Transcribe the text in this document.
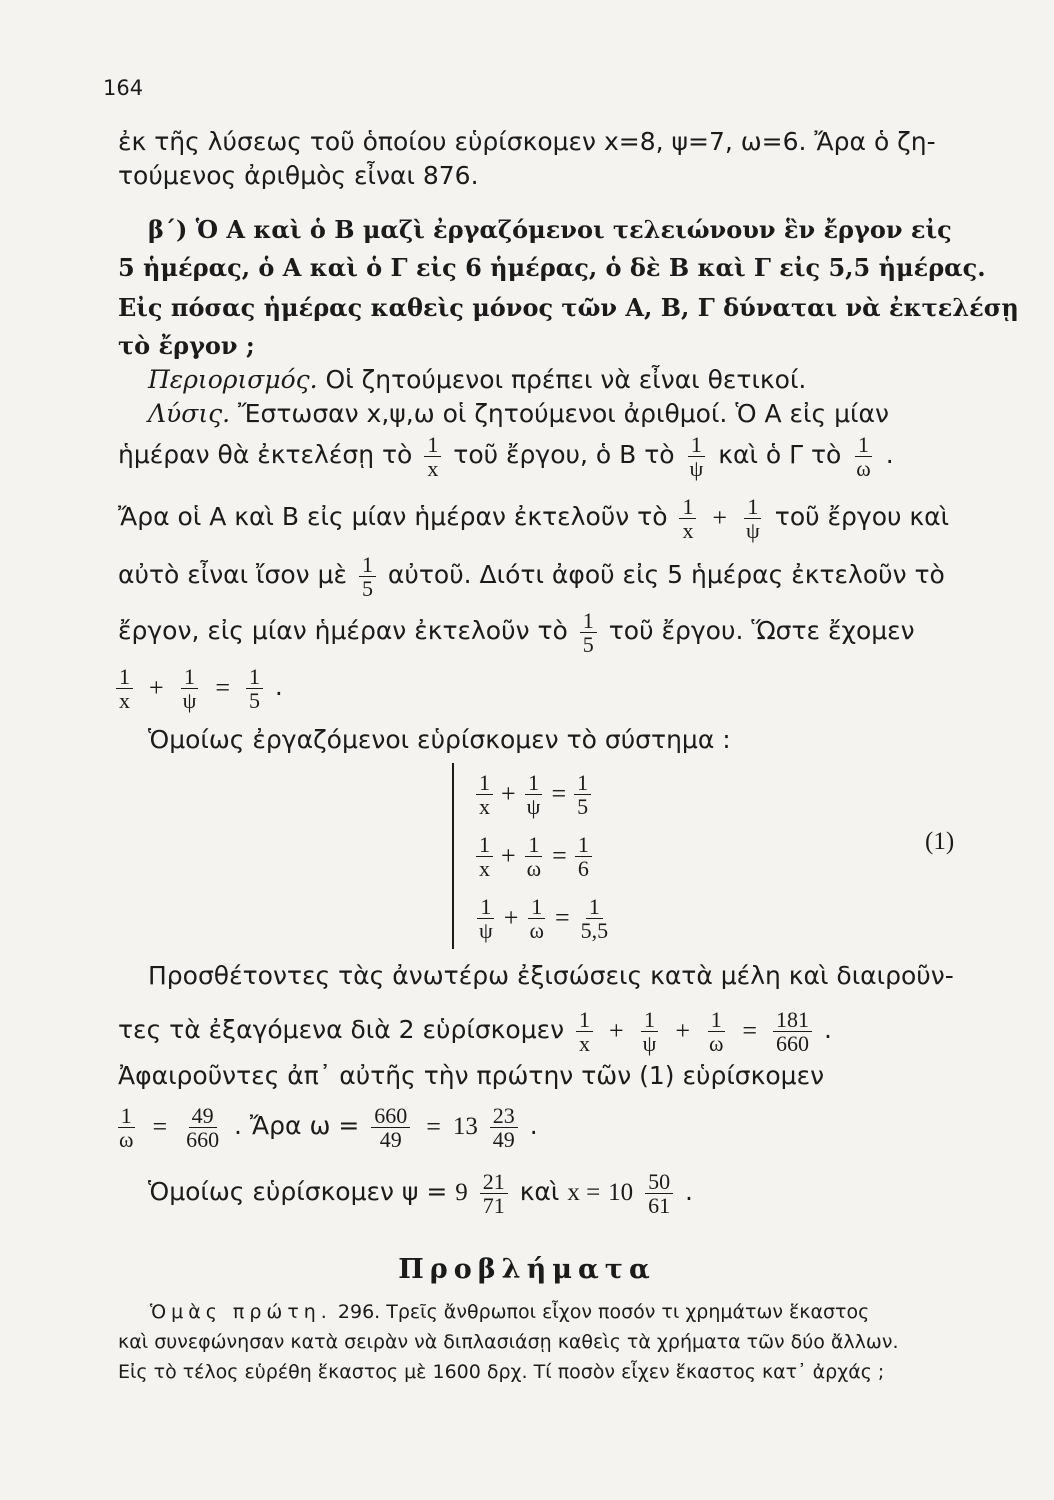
164
ἐκ τῆς λύσεως τοῦ ὁποίου εὑρίσκομεν x=8, ψ=7, ω=6. Ἄρα ὁ ζη-
τούμενος ἀριθμὸς εἶναι 876.
β΄) Ὁ Α καὶ ὁ Β μαζὶ ἐργαζόμενοι τελειώνουν ἓν ἔργον εἰς
5 ἡμέρας, ὁ Α καὶ ὁ Γ εἰς 6 ἡμέρας, ὁ δὲ Β καὶ Γ εἰς 5,5 ἡμέρας.
Εἰς πόσας ἡμέρας καθεὶς μόνος τῶν Α, Β, Γ δύναται νὰ ἐκτελέσῃ
τὸ ἔργον ;
Περιορισμός. Οἱ ζητούμενοι πρέπει νὰ εἶναι θετικοί.
Λύσις. Ἔστωσαν x,ψ,ω οἱ ζητούμενοι ἀριθμοί. Ὁ Α εἰς μίαν
ἡμέραν θὰ ἐκτελέσῃ τὸ $\frac{1}{x}$ τοῦ ἔργου, ὁ Β τὸ $\frac{1}{\psi}$ καὶ ὁ Γ τὸ $\frac{1}{\omega}$ .
Ἄρα οἱ Α καὶ Β εἰς μίαν ἡμέραν ἐκτελοῦν τὸ $\frac{1}{x} + \frac{1}{\psi}$ τοῦ ἔργου καὶ
αὐτὸ εἶναι ἴσον μὲ $\frac{1}{5}$ αὐτοῦ. Διότι ἀφοῦ εἰς 5 ἡμέρας ἐκτελοῦν τὸ
ἔργον, εἰς μίαν ἡμέραν ἐκτελοῦν τὸ $\frac{1}{5}$ τοῦ ἔργου. Ὥστε ἔχομεν
$\frac{1}{x} + \frac{1}{\psi} = \frac{1}{5}$ .
Ὁμοίως ἐργαζόμενοι εὑρίσκομεν τὸ σύστημα :
$\frac{1}{x} + \frac{1}{\psi} = \frac{1}{5}$
$\frac{1}{x} + \frac{1}{\omega} = \frac{1}{6}$
$\frac{1}{\psi} + \frac{1}{\omega} = \frac{1}{5,5}$
(1)
Προσθέτοντες τὰς ἀνωτέρω ἐξισώσεις κατὰ μέλη καὶ διαιροῦν-
τες τὰ ἐξαγόμενα διὰ 2 εὑρίσκομεν $\frac{1}{x} + \frac{1}{\psi} + \frac{1}{\omega} = \frac{181}{660}$ .
Ἀφαιροῦντες ἀπ᾽ αὐτῆς τὴν πρώτην τῶν (1) εὑρίσκομεν
$\frac{1}{\omega} = \frac{49}{660}$ . Ἄρα $\omega = \frac{660}{49} = 13 \frac{23}{49}$ .
Ὁμοίως εὑρίσκομεν $\psi = 9 \frac{21}{71}$ καὶ $x = 10 \frac{50}{61}$ .
Προβλήματα
Ὁμὰς πρώτη. 296. Τρεῖς ἄνθρωποι εἶχον ποσόν τι χρημάτων ἕκαστος
καὶ συνεφώνησαν κατὰ σειρὰν νὰ διπλασιάσῃ καθεὶς τὰ χρήματα τῶν δύο ἄλλων.
Εἰς τὸ τέλος εὑρέθη ἕκαστος μὲ 1600 δρχ. Τί ποσὸν εἶχεν ἕκαστος κατ᾽ ἀρχάς ;
